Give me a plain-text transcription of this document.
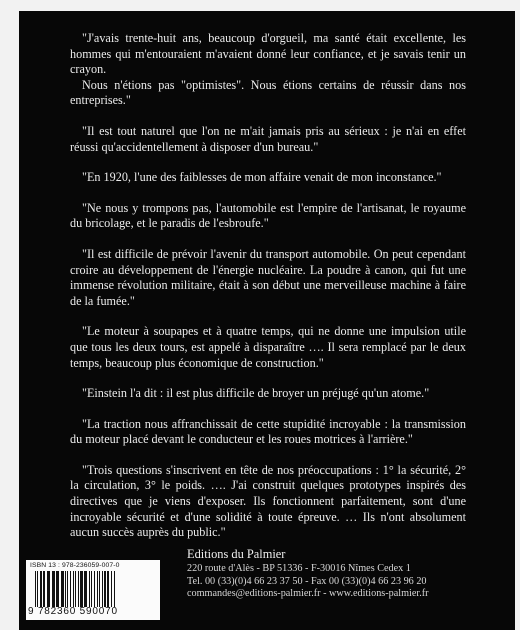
"J'avais trente-huit ans, beaucoup d'orgueil, ma santé était excellente, les hommes qui m'entouraient m'avaient donné leur confiance, et je savais tenir un crayon.

Nous n'étions pas "optimistes". Nous étions certains de réussir dans nos entreprises."

"Il est tout naturel que l'on ne m'ait jamais pris au sérieux : je n'ai en effet réussi qu'accidentellement à disposer d'un bureau."

"En 1920, l'une des faiblesses de mon affaire venait de mon inconstance."

"Ne nous y trompons pas, l'automobile est l'empire de l'artisanat, le royaume du bricolage, et le paradis de l'esbroufe."

"Il est difficile de prévoir l'avenir du transport automobile. On peut cependant croire au développement de l'énergie nucléaire. La poudre à canon, qui fut une immense révolution militaire, était à son début une merveilleuse machine à faire de la fumée."

"Le moteur à soupapes et à quatre temps, qui ne donne une impulsion utile que tous les deux tours, est appelé à disparaître …. Il sera remplacé par le deux temps, beaucoup plus économique de construction."

"Einstein l'a dit : il est plus difficile de broyer un préjugé qu'un atome."

"La traction nous affranchissait de cette stupidité incroyable : la transmission du moteur placé devant le conducteur et les roues motrices à l'arrière."

"Trois questions s'inscrivent en tête de nos préoccupations : 1° la sécurité, 2° la circulation, 3° le poids. …. J'ai construit quelques prototypes inspirés des directives que je viens d'exposer. Ils fonctionnent parfaitement, sont d'une incroyable sécurité et d'une solidité à toute épreuve. … Ils n'ont absolument aucun succès auprès du public."

Editions du Palmier
220 route d'Alès - BP 51336 - F-30016 Nîmes Cedex 1
Tel. 00 (33)(0)4 66 23 37 50 - Fax 00 (33)(0)4 66 23 96 20
commandes@editions-palmier.fr - www.editions-palmier.fr
ISBN 13 : 978-236059-007-0
9 782360 590070
